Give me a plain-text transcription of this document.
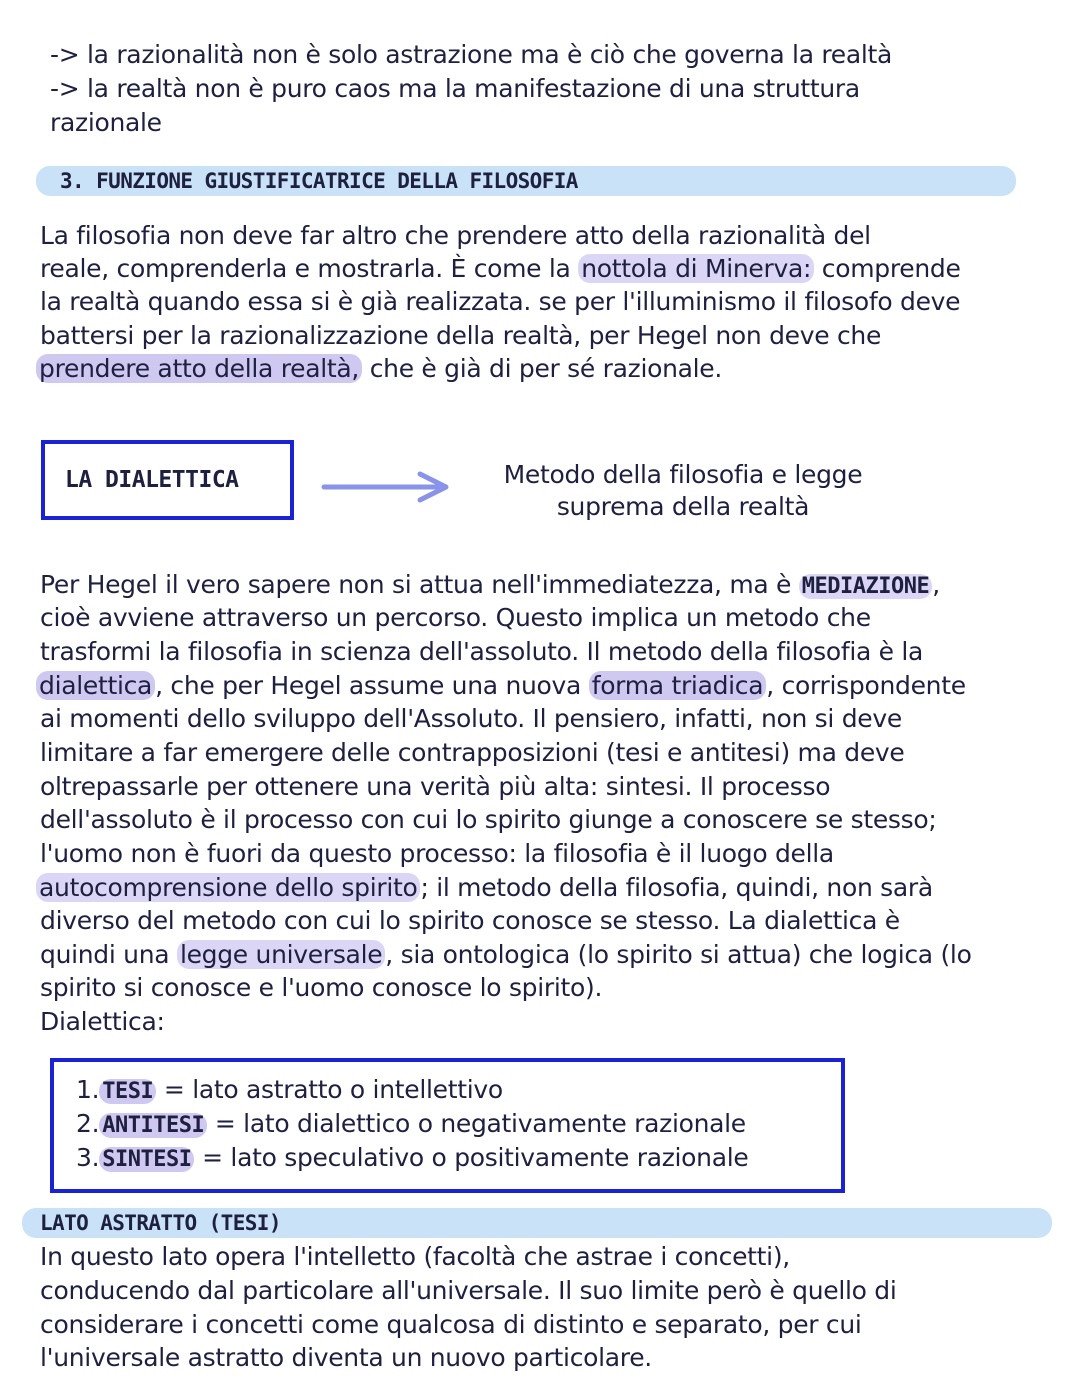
-> la razionalità non è solo astrazione ma è ciò che governa la realtà
-> la realtà non è puro caos ma la manifestazione di una struttura
razionale
3. FUNZIONE GIUSTIFICATRICE DELLA FILOSOFIA
La filosofia non deve far altro che prendere atto della razionalità del
reale, comprenderla e mostrarla. È come la nottola di Minerva: comprende
la realtà quando essa si è già realizzata. se per l'illuminismo il filosofo deve
battersi per la razionalizzazione della realtà, per Hegel non deve che
prendere atto della realtà, che è già di per sé razionale.
LA DIALETTICA	Metodo della filosofia e legge
suprema della realtà
Per Hegel il vero sapere non si attua nell'immediatezza, ma è MEDIAZIONE ,
cioè avviene attraverso un percorso. Questo implica un metodo che
trasformi la filosofia in scienza dell'assoluto. Il metodo della filosofia è la
dialettica , che per Hegel assume una nuova forma triadica , corrispondente
ai momenti dello sviluppo dell'Assoluto. Il pensiero, infatti, non si deve
limitare a far emergere delle contrapposizioni (tesi e antitesi) ma deve
oltrepassarle per ottenere una verità più alta: sintesi. Il processo
dell'assoluto è il processo con cui lo spirito giunge a conoscere se stesso;
l'uomo non è fuori da questo processo: la filosofia è il luogo della
autocomprensione dello spirito ; il metodo della filosofia, quindi, non sarà
diverso del metodo con cui lo spirito conosce se stesso. La dialettica è
quindi una legge universale , sia ontologica (lo spirito si attua) che logica (lo
spirito si conosce e l'uomo conosce lo spirito).
Dialettica:
1. TESI = lato astratto o intellettivo
2. ANTITESI = lato dialettico o negativamente razionale
3. SINTESI = lato speculativo o positivamente razionale
LATO ASTRATTO (TESI)
In questo lato opera l'intelletto (facoltà che astrae i concetti),
conducendo dal particolare all'universale. Il suo limite però è quello di
considerare i concetti come qualcosa di distinto e separato, per cui
l'universale astratto diventa un nuovo particolare.
